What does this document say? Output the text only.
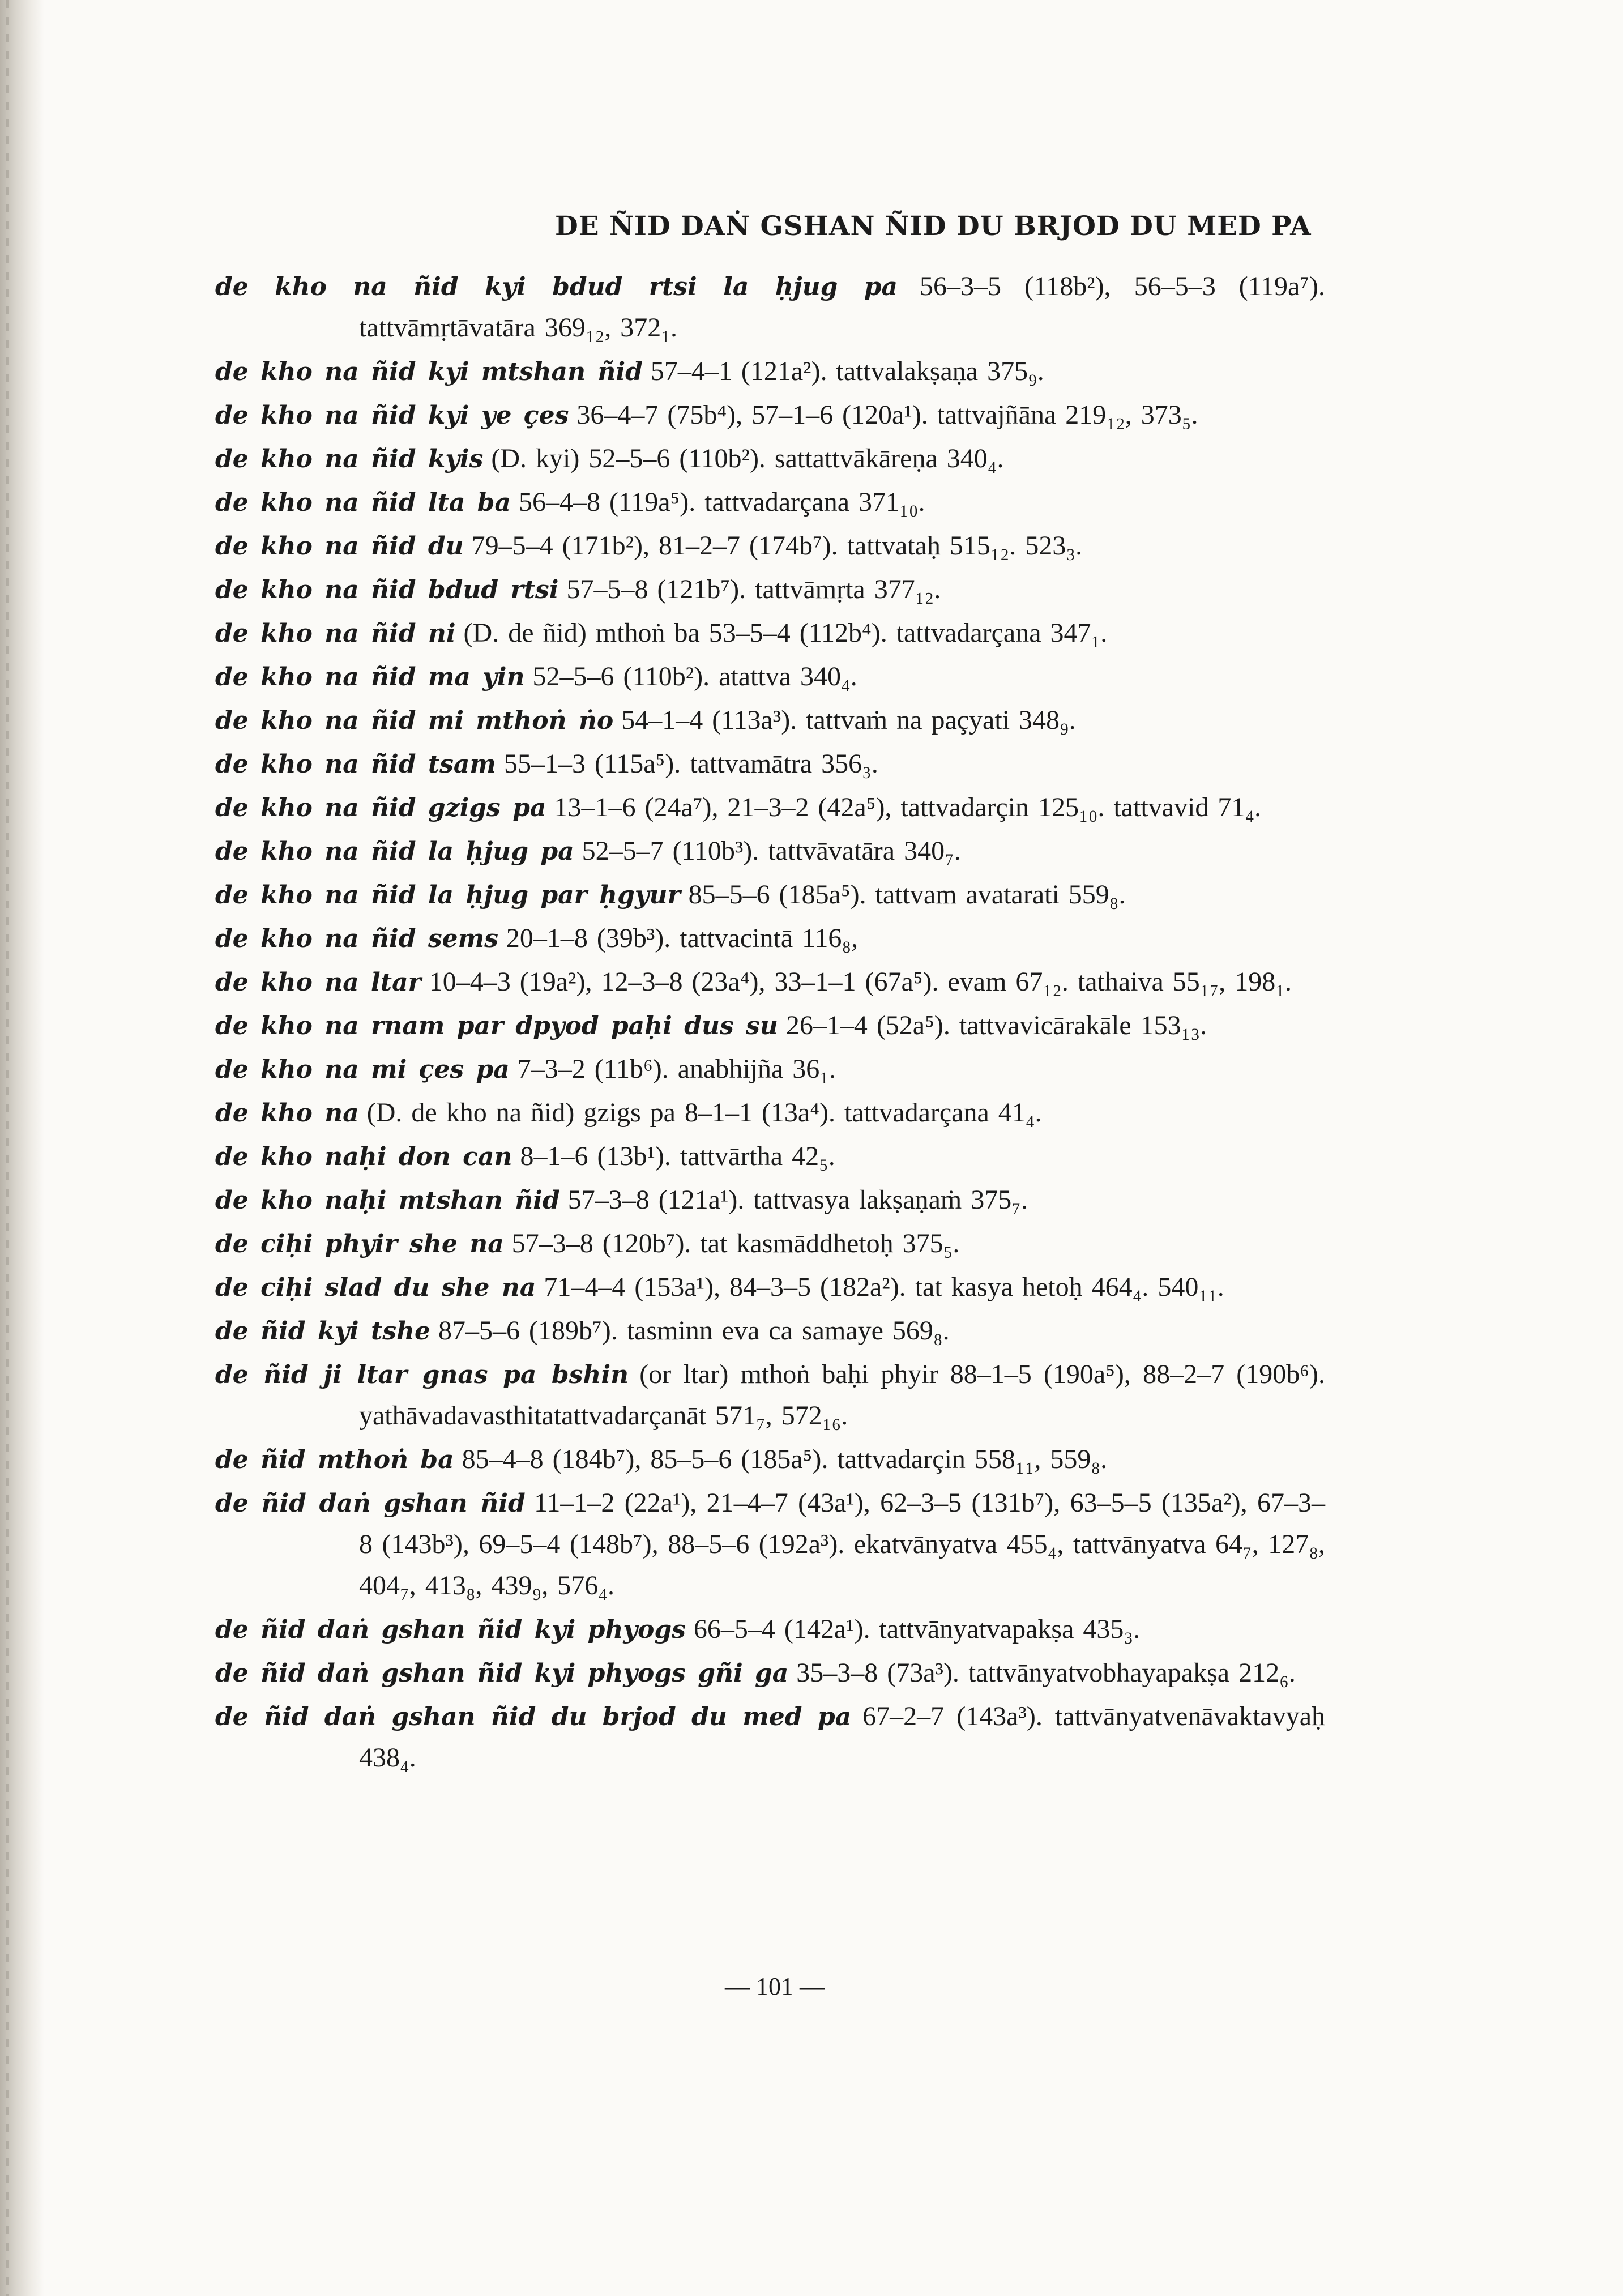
DE ÑID DAṄ GSHAN ÑID DU BRJOD DU MED PA
de kho na ñid kyi bdud rtsi la ḥjug pa 56–3–5 (118b²), 56–5–3 (119a⁷). tattvāmṛtāvatāra 369₁₂, 372₁.
de kho na ñid kyi mtshan ñid 57–4–1 (121a²). tattvalakṣaṇa 375₉.
de kho na ñid kyi ye çes 36–4–7 (75b⁴), 57–1–6 (120a¹). tattvajñāna 219₁₂, 373₅.
de kho na ñid kyis (D. kyi) 52–5–6 (110b²). sattattvākāreṇa 340₄.
de kho na ñid lta ba 56–4–8 (119a⁵). tattvadarçana 371₁₀.
de kho na ñid du 79–5–4 (171b²), 81–2–7 (174b⁷). tattvataḥ 515₁₂. 523₃.
de kho na ñid bdud rtsi 57–5–8 (121b⁷). tattvāmṛta 377₁₂.
de kho na ñid ni (D. de ñid) mthoṅ ba 53–5–4 (112b⁴). tattvadarçana 347₁.
de kho na ñid ma yin 52–5–6 (110b²). atattva 340₄.
de kho na ñid mi mthoṅ ṅo 54–1–4 (113a³). tattvaṁ na paçyati 348₉.
de kho na ñid tsam 55–1–3 (115a⁵). tattvamātra 356₃.
de kho na ñid gzigs pa 13–1–6 (24a⁷), 21–3–2 (42a⁵), tattvadarçin 125₁₀. tattvavid 71₄.
de kho na ñid la ḥjug pa 52–5–7 (110b³). tattvāvatāra 340₇.
de kho na ñid la ḥjug par ḥgyur 85–5–6 (185a⁵). tattvam avatarati 559₈.
de kho na ñid sems 20–1–8 (39b³). tattvacintā 116₈,
de kho na ltar 10–4–3 (19a²), 12–3–8 (23a⁴), 33–1–1 (67a⁵). evam 67₁₂. tathaiva 55₁₇, 198₁.
de kho na rnam par dpyod paḥi dus su 26–1–4 (52a⁵). tattvavicārakāle 153₁₃.
de kho na mi çes pa 7–3–2 (11b⁶). anabhijña 36₁.
de kho na (D. de kho na ñid) gzigs pa 8–1–1 (13a⁴). tattvadarçana 41₄.
de kho naḥi don can 8–1–6 (13b¹). tattvārtha 42₅.
de kho naḥi mtshan ñid 57–3–8 (121a¹). tattvasya lakṣaṇaṁ 375₇.
de ciḥi phyir she na 57–3–8 (120b⁷). tat kasmāddhetoḥ 375₅.
de ciḥi slad du she na 71–4–4 (153a¹), 84–3–5 (182a²). tat kasya hetoḥ 464₄. 540₁₁.
de ñid kyi tshe 87–5–6 (189b⁷). tasminn eva ca samaye 569₈.
de ñid ji ltar gnas pa bshin (or ltar) mthoṅ baḥi phyir 88–1–5 (190a⁵), 88–2–7 (190b⁶). yathāvadavasthitatattvadarçanāt 571₇, 572₁₆.
de ñid mthoṅ ba 85–4–8 (184b⁷), 85–5–6 (185a⁵). tattvadarçin 558₁₁, 559₈.
de ñid daṅ gshan ñid 11–1–2 (22a¹), 21–4–7 (43a¹), 62–3–5 (131b⁷), 63–5–5 (135a²), 67–3–8 (143b³), 69–5–4 (148b⁷), 88–5–6 (192a³). ekatvānyatva 455₄, tattvānyatva 64₇, 127₈, 404₇, 413₈, 439₉, 576₄.
de ñid daṅ gshan ñid kyi phyogs 66–5–4 (142a¹). tattvānyatvapakṣa 435₃.
de ñid daṅ gshan ñid kyi phyogs gñi ga 35–3–8 (73a³). tattvānyatvobhayapakṣa 212₆.
de ñid daṅ gshan ñid du brjod du med pa 67–2–7 (143a³). tattvānyatvenāvaktavyaḥ 438₄.
— 101 —
